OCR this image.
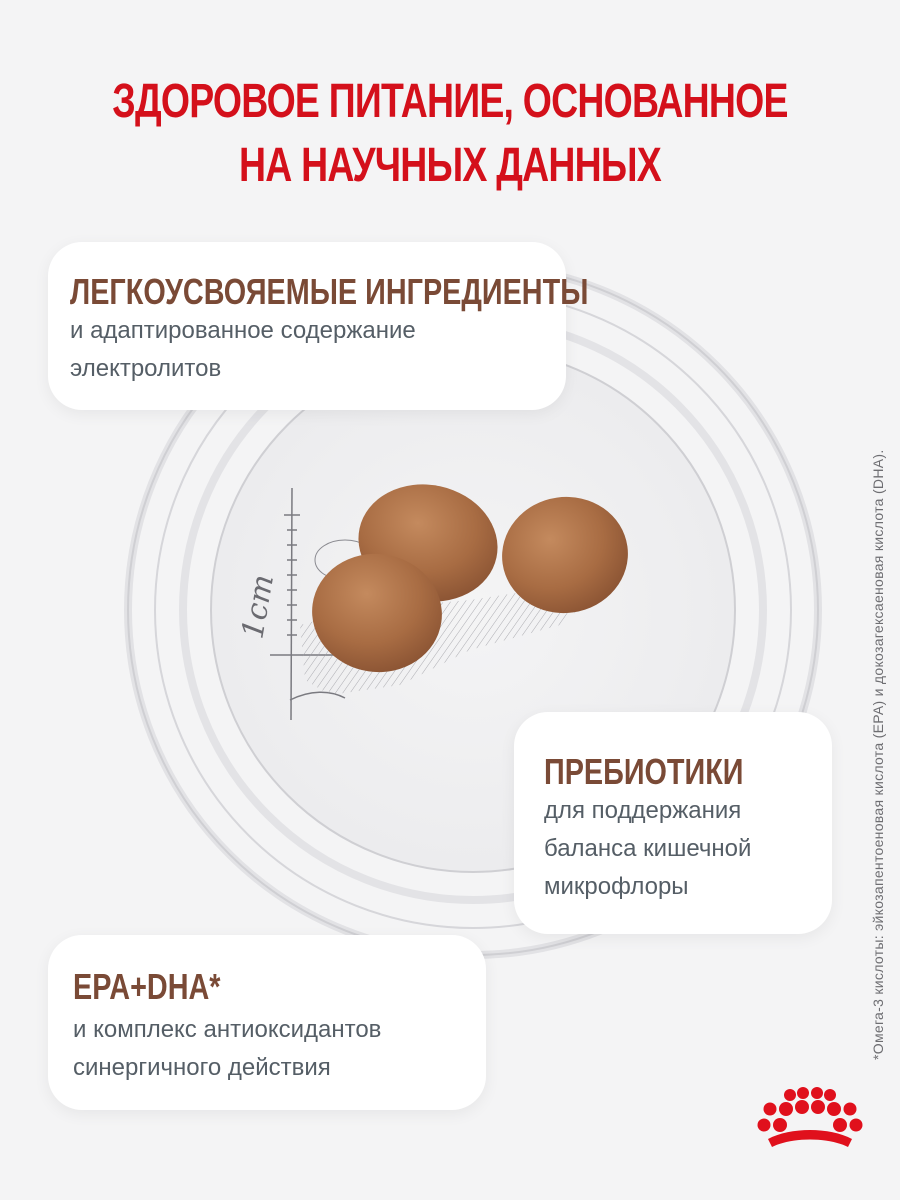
ЗДОРОВОЕ ПИТАНИЕ, ОСНОВАННОЕ
НА НАУЧНЫХ ДАННЫХ
1cm
ЛЕГКОУСВОЯЕМЫЕ ИНГРЕДИЕНТЫ
и адаптированное содержание
электролитов
ПРЕБИОТИКИ
для поддержания
баланса кишечной
микрофлоры
EPA+DHA*
и комплекс антиоксидантов
синергичного действия
*Омега-3 кислоты: эйкозапентоеновая кислота (EPA) и докозагексаеновая кислота (DHA).
